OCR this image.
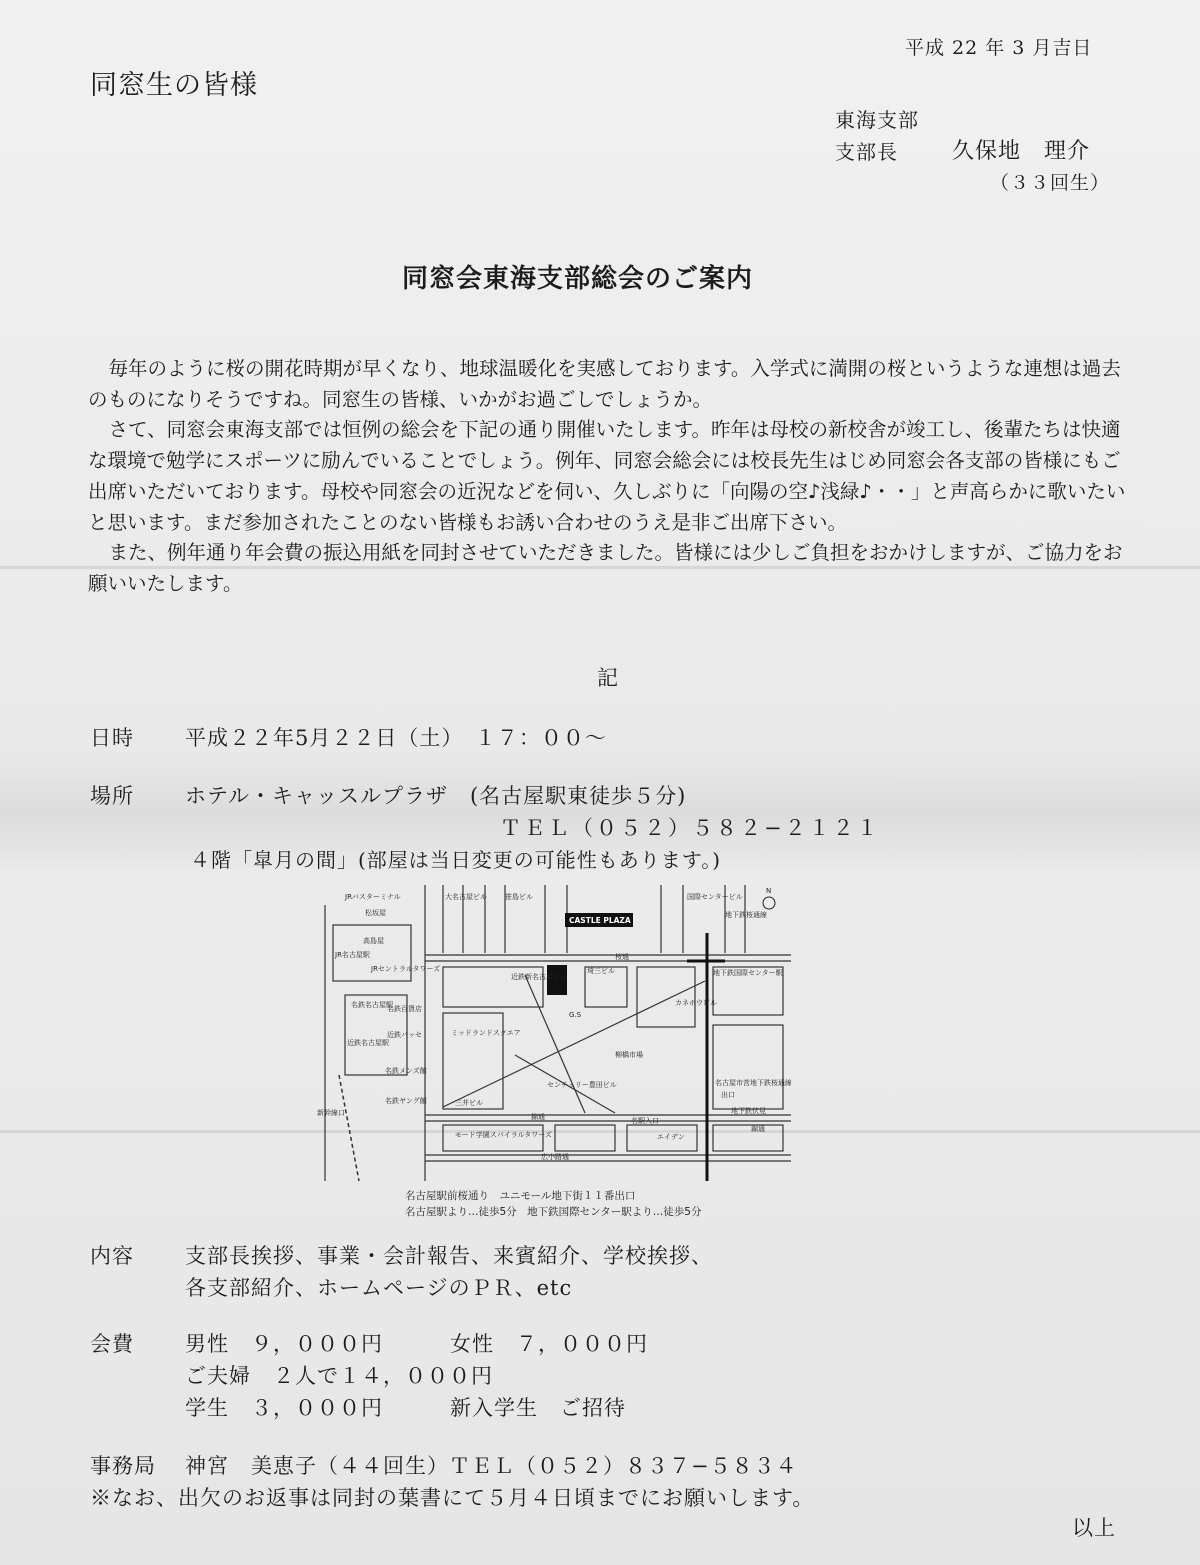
平成 22 年 3 月吉日
同窓生の皆様
東海支部
支部長 久保地　理介
（３３回生）
同窓会東海支部総会のご案内

毎年のように桜の開花時期が早くなり、地球温暖化を実感しております。入学式に満開の桜というような連想は過去のものになりそうですね。同窓生の皆様、いかがお過ごしでしょうか。

さて、同窓会東海支部では恒例の総会を下記の通り開催いたします。昨年は母校の新校舎が竣工し、後輩たちは快適な環境で勉学にスポーツに励んでいることでしょう。例年、同窓会総会には校長先生はじめ同窓会各支部の皆様にもご出席いただいております。母校や同窓会の近況などを伺い、久しぶりに「向陽の空♪浅緑♪・・」と声高らかに歌いたいと思います。まだ参加されたことのない皆様もお誘い合わせのうえ是非ご出席下さい。

また、例年通り年会費の振込用紙を同封させていただきました。皆様には少しご負担をおかけしますが、ご協力をお願いいたします。

記
日時 平成２２年5月２２日（土）　１７：００〜
場所 ホテル・キャッスルプラザ　(名古屋駅東徒歩５分)
ＴＥＬ（０５２）５８２−２１２１
４階「皐月の間」(部屋は当日変更の可能性もあります。)
CASTLE PLAZA
N
JRバスターミナル
松坂屋
JR名古屋駅
高島屋
JRセントラルタワーズ
大名古屋ビル	笹島ビル
近鉄新名古屋ビル
埼三ビル
桜通
国際センタービル
地下鉄桜通線
地下鉄国際センター駅
名鉄名古屋駅
名鉄百貨店
近鉄名古屋駅
近鉄パッセ
名鉄メンズ館
名鉄ヤング館
ミッドランドスクエア
G.S
柳橋市場
カネボウビル
センチュリー豊田ビル
三井ビル
錦通	名駅入口
エイデン
モード学園スパイラルタワーズ
広小路通
出口
地下鉄伏見
錦通
新幹線口
名古屋市営地下鉄桜通線
名古屋駅前桜通り　ユニモール地下街１１番出口
名古屋駅より…徒歩5分　地下鉄国際センター駅より…徒歩5分
内容 支部長挨拶、事業・会計報告、来賓紹介、学校挨拶、
各支部紹介、ホームページのＰＲ、etc
会費 男性　９，０００円	女性　７，０００円
ご夫婦　２人で１４，０００円
学生　３，０００円	新入学生　ご招待
事務局 神宮　美恵子（４４回生）ＴＥＬ（０５２）８３７−５８３４
※なお、出欠のお返事は同封の葉書にて５月４日頃までにお願いします。
以上
